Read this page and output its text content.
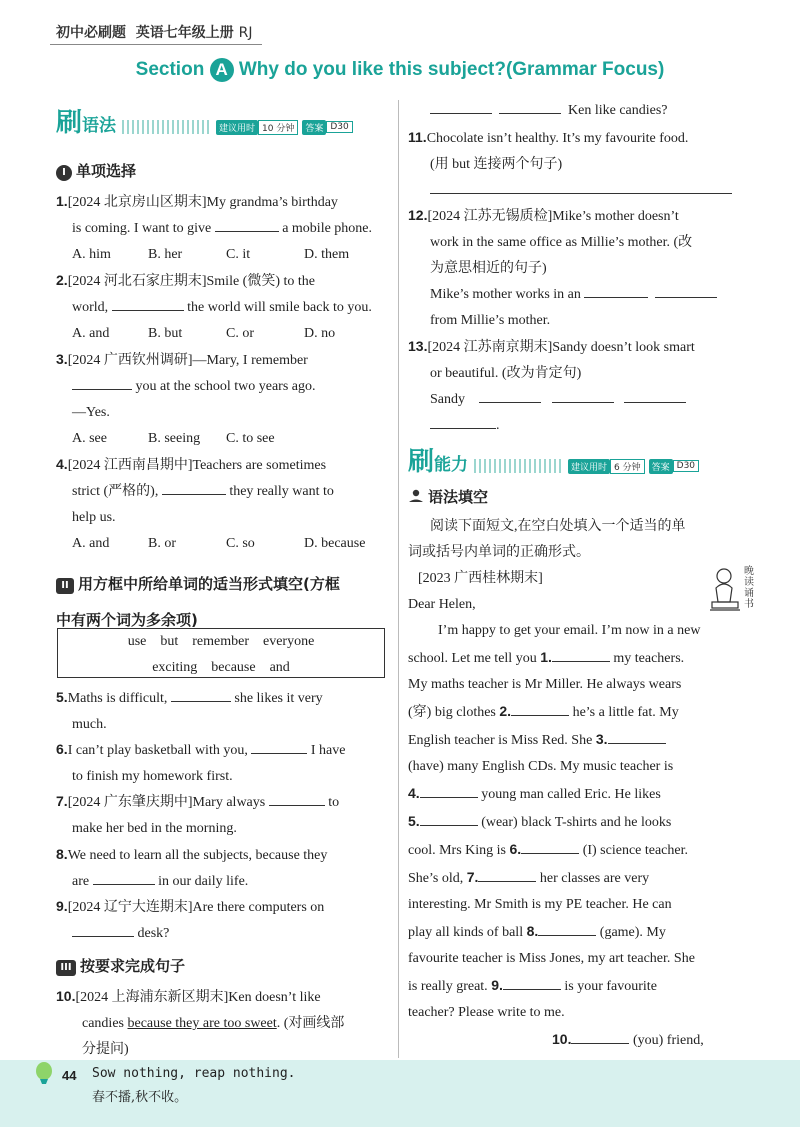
初中必刷题 英语七年级上册 RJ
Section A Why do you like this subject?(Grammar Focus)
刷语法	建议用时 10 分钟 答案 D30
I 单项选择
1.[2024 北京房山区期末]My grandma’s birthday
is coming. I want to give	a mobile phone.
A. him	B. her	C. it	D. them
2.[2024 河北石家庄期末]Smile (微笑) to the
world,	the world will smile back to you.
A. and	B. but	C. or	D. no
3.[2024 广西钦州调研]—Mary, I remember
you at the school two years ago.
—Yes.
A. see	B. seeing C. to see
4.[2024 江西南昌期中]Teachers are sometimes
strict (严格的),	they really want to
help us.
A. and	B. or	C. so	D. because
II 用方框中所给单词的适当形式填空(方框
中有两个词为多余项)
use    but    remember    everyone
exciting    because    and
5.Maths is difficult,	she likes it very
much.
6.I can’t play basketball with you,	I have
to finish my homework first.
7.[2024 广东肇庆期中]Mary always	to
make her bed in the morning.
8.We need to learn all the subjects, because they
are	in our daily life.
9.[2024 辽宁大连期末]Are there computers on
desk?
III 按要求完成句子
10.[2024 上海浦东新区期末]Ken doesn’t like
candies because they are too sweet. (对画线部
分提问)
Ken like candies?
11.Chocolate isn’t healthy. It’s my favourite food.
(用 but 连接两个句子)
12.[2024 江苏无锡质检]Mike’s mother doesn’t
work in the same office as Millie’s mother. (改
为意思相近的句子)
Mike’s mother works in an
from Millie’s mother.
13.[2024 江苏南京期末]Sandy doesn’t look smart
or beautiful. (改为肯定句)
Sandy
.
刷能力	建议用时 6 分钟 答案 D30
语法填空
阅读下面短文,在空白处填入一个适当的单
词或括号内单词的正确形式。
[2023 广西桂林期末]	晚读诵书
Dear Helen,
I’m happy to get your email. I’m now in a new
school. Let me tell you 1.	my teachers.
My maths teacher is Mr Miller. He always wears
(穿) big clothes 2.	he’s a little fat. My
English teacher is Miss Red. She 3.
(have) many English CDs. My music teacher is
4.	young man called Eric. He likes
5.	(wear) black T-shirts and he looks
cool. Mrs King is 6.	(I) science teacher.
She’s old, 7.	her classes are very
interesting. Mr Smith is my PE teacher. He can
play all kinds of ball 8.	(game). My
favourite teacher is Miss Jones, my art teacher. She
is really great. 9.	is your favourite
teacher? Please write to me.
10.	(you) friend,
44 Sow nothing, reap nothing.
春不播,秋不收。
